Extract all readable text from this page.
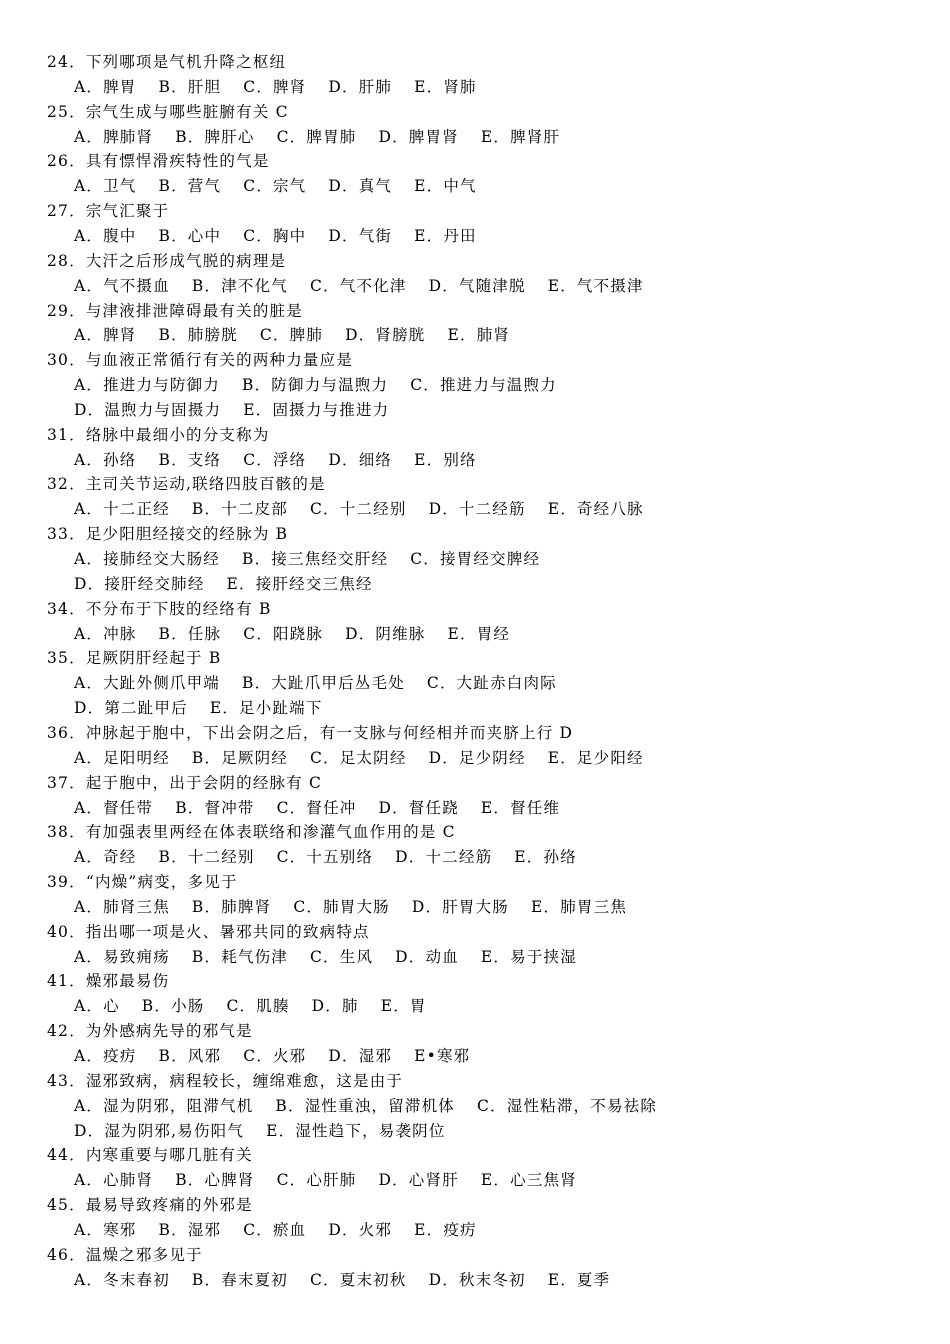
24．下列哪项是气机升降之枢纽
A．脾胃 B．肝胆 C．脾肾 D．肝肺 E．肾肺
25．宗气生成与哪些脏腑有关 C
A．脾肺肾 B．脾肝心 C．脾胃肺 D．脾胃肾 E．脾肾肝
26．具有慓悍滑疾特性的气是
A．卫气 B．营气 C．宗气 D．真气 E．中气
27．宗气汇聚于
A．腹中 B．心中 C．胸中 D．气街 E．丹田
28．大汗之后形成气脱的病理是
A．气不摄血 B．津不化气 C．气不化津 D．气随津脱 E．气不摄津
29．与津液排泄障碍最有关的脏是
A．脾肾 B．肺膀胱 C．脾肺 D．肾膀胱 E．肺肾
30．与血液正常循行有关的两种力量应是
A．推进力与防御力 B．防御力与温煦力 C．推进力与温煦力
D．温煦力与固摄力 E．固摄力与推进力
31．络脉中最细小的分支称为
A．孙络 B．支络 C．浮络 D．细络 E．别络
32．主司关节运动,联络四肢百骸的是
A．十二正经 B．十二皮部 C．十二经别 D．十二经筋 E．奇经八脉
33．足少阳胆经接交的经脉为 B
A．接肺经交大肠经 B．接三焦经交肝经 C．接胃经交脾经
D．接肝经交肺经 E．接肝经交三焦经
34．不分布于下肢的经络有 B
A．冲脉 B．任脉 C．阳跷脉 D．阴维脉 E．胃经
35．足厥阴肝经起于 B
A．大趾外侧爪甲端 B．大趾爪甲后丛毛处 C．大趾赤白肉际
D．第二趾甲后 E．足小趾端下
36．冲脉起于胞中，下出会阴之后，有一支脉与何经相并而夹脐上行 D
A．足阳明经 B．足厥阴经 C．足太阴经 D．足少阴经 E．足少阳经
37．起于胞中，出于会阴的经脉有 C
A．督任带 B．督冲带 C．督任冲 D．督任跷 E．督任维
38．有加强表里两经在体表联络和渗灌气血作用的是 C
A．奇经 B．十二经别 C．十五别络 D．十二经筋 E．孙络
39．“内燥”病变，多见于
A．肺肾三焦 B．肺脾肾 C．肺胃大肠 D．肝胃大肠 E．肺胃三焦
40．指出哪一项是火、暑邪共同的致病特点
A．易致痈疡 B．耗气伤津 C．生风 D．动血 E．易于挟湿
41．燥邪最易伤
A．心 B．小肠 C．肌腠 D．肺 E．胃
42．为外感病先导的邪气是
A．疫疠 B．风邪 C．火邪 D．湿邪 E•寒邪
43．湿邪致病，病程较长，缠绵难愈，这是由于
A．湿为阴邪，阻滞气机 B．湿性重浊，留滞机体 C．湿性粘滞，不易祛除
D．湿为阴邪,易伤阳气 E．湿性趋下，易袭阴位
44．内寒重要与哪几脏有关
A．心肺肾 B．心脾肾 C．心肝肺 D．心肾肝 E．心三焦肾
45．最易导致疼痛的外邪是
A．寒邪 B．湿邪 C．瘀血 D．火邪 E．疫疠
46．温燥之邪多见于
A．冬末春初 B．春末夏初 C．夏末初秋 D．秋末冬初 E．夏季
